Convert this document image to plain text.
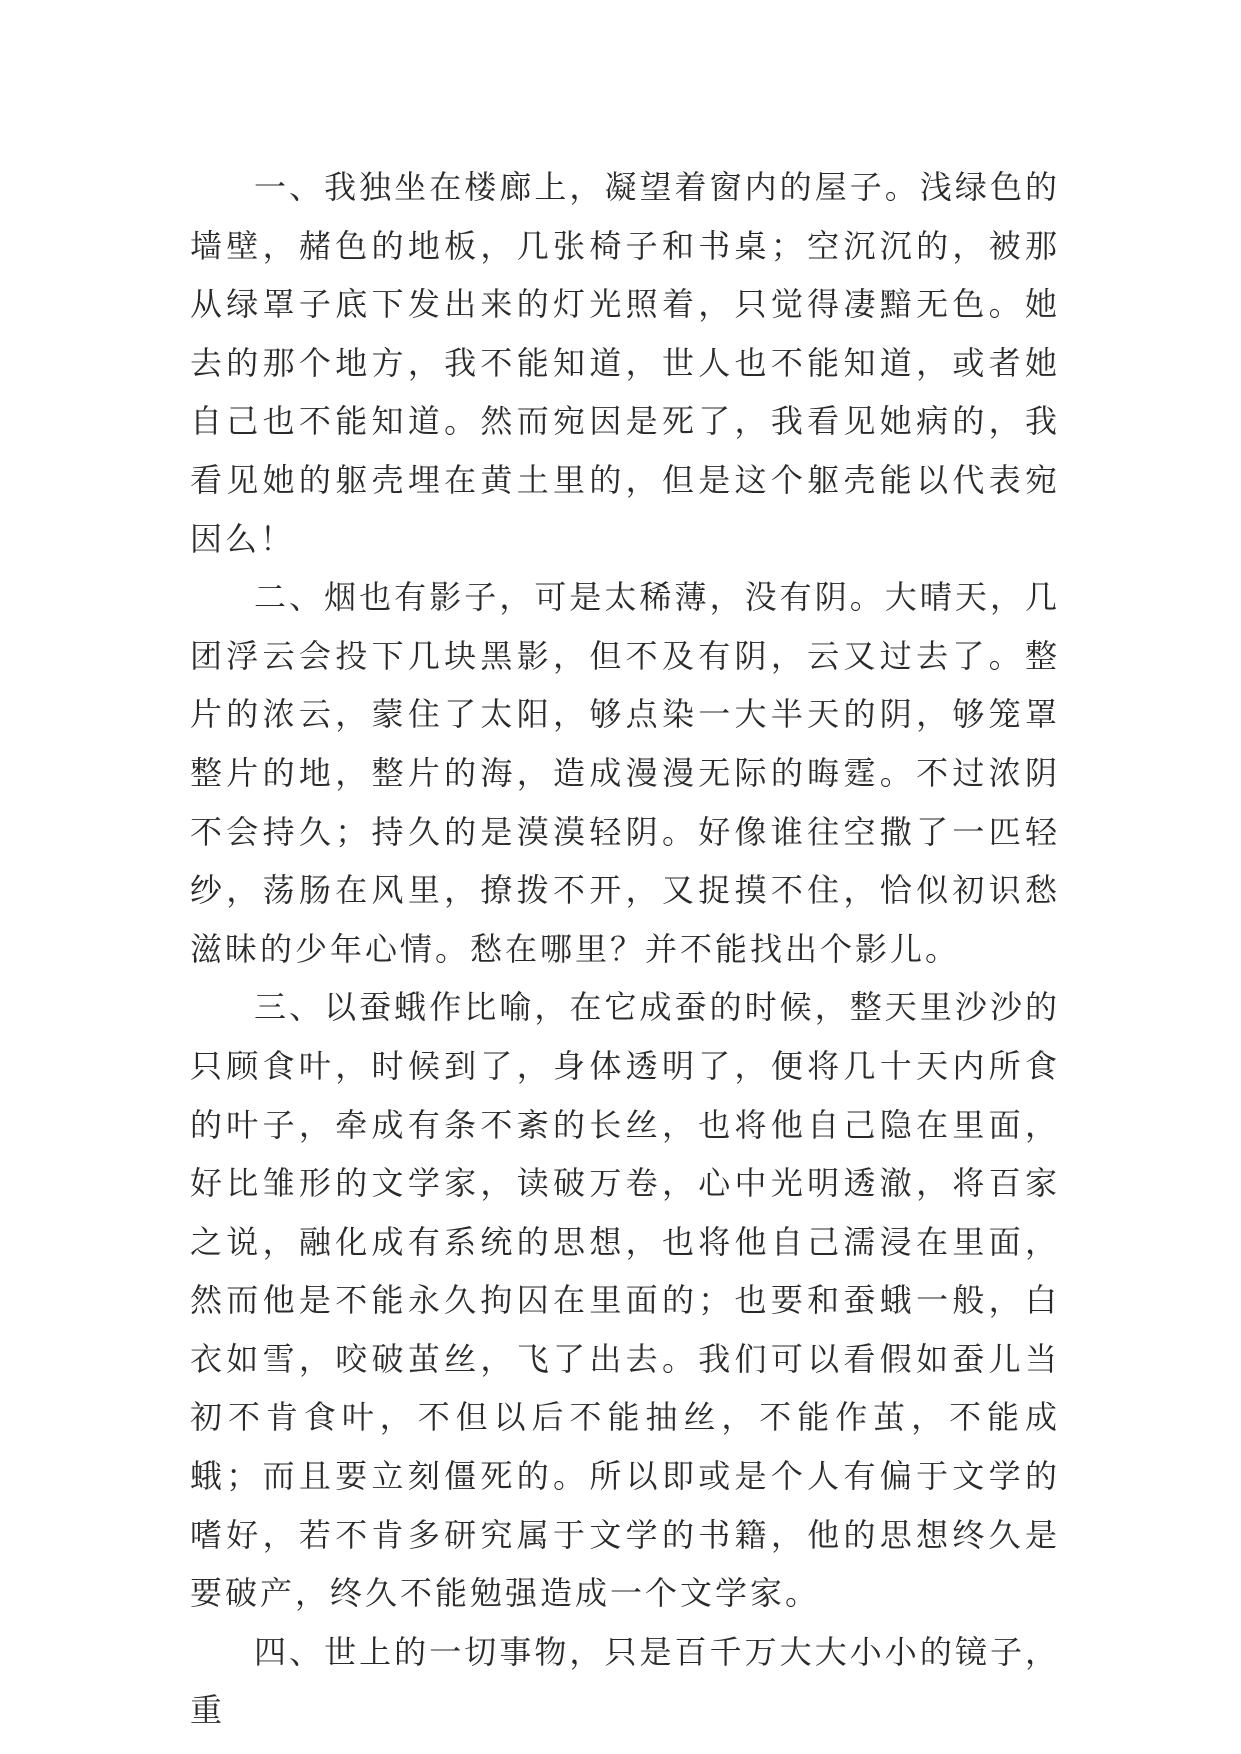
一、我独坐在楼廊上，凝望着窗内的屋子。浅绿色的墙壁，赭色的地板，几张椅子和书桌；空沉沉的，被那从绿罩子底下发出来的灯光照着，只觉得凄黯无色。她去的那个地方，我不能知道，世人也不能知道，或者她自己也不能知道。然而宛因是死了，我看见她病的，我看见她的躯壳埋在黄土里的，但是这个躯壳能以代表宛因么！

二、烟也有影子，可是太稀薄，没有阴。大晴天，几团浮云会投下几块黑影，但不及有阴，云又过去了。整片的浓云，蒙住了太阳，够点染一大半天的阴，够笼罩整片的地，整片的海，造成漫漫无际的晦霆。不过浓阴不会持久；持久的是漠漠轻阴。好像谁往空撒了一匹轻纱，荡肠在风里，撩拨不开，又捉摸不住，恰似初识愁滋昧的少年心情。愁在哪里？并不能找出个影儿。

三、以蚕蛾作比喻，在它成蚕的时候，整天里沙沙的只顾食叶，时候到了，身体透明了，便将几十天内所食的叶子，牵成有条不紊的长丝，也将他自己隐在里面，好比雏形的文学家，读破万卷，心中光明透澈，将百家之说，融化成有系统的思想，也将他自己濡浸在里面，然而他是不能永久拘囚在里面的；也要和蚕蛾一般，白衣如雪，咬破茧丝，飞了出去。我们可以看假如蚕儿当初不肯食叶，不但以后不能抽丝，不能作茧，不能成蛾；而且要立刻僵死的。所以即或是个人有偏于文学的嗜好，若不肯多研究属于文学的书籍，他的思想终久是要破产，终久不能勉强造成一个文学家。

四、世上的一切事物，只是百千万大大小小的镜子，重
